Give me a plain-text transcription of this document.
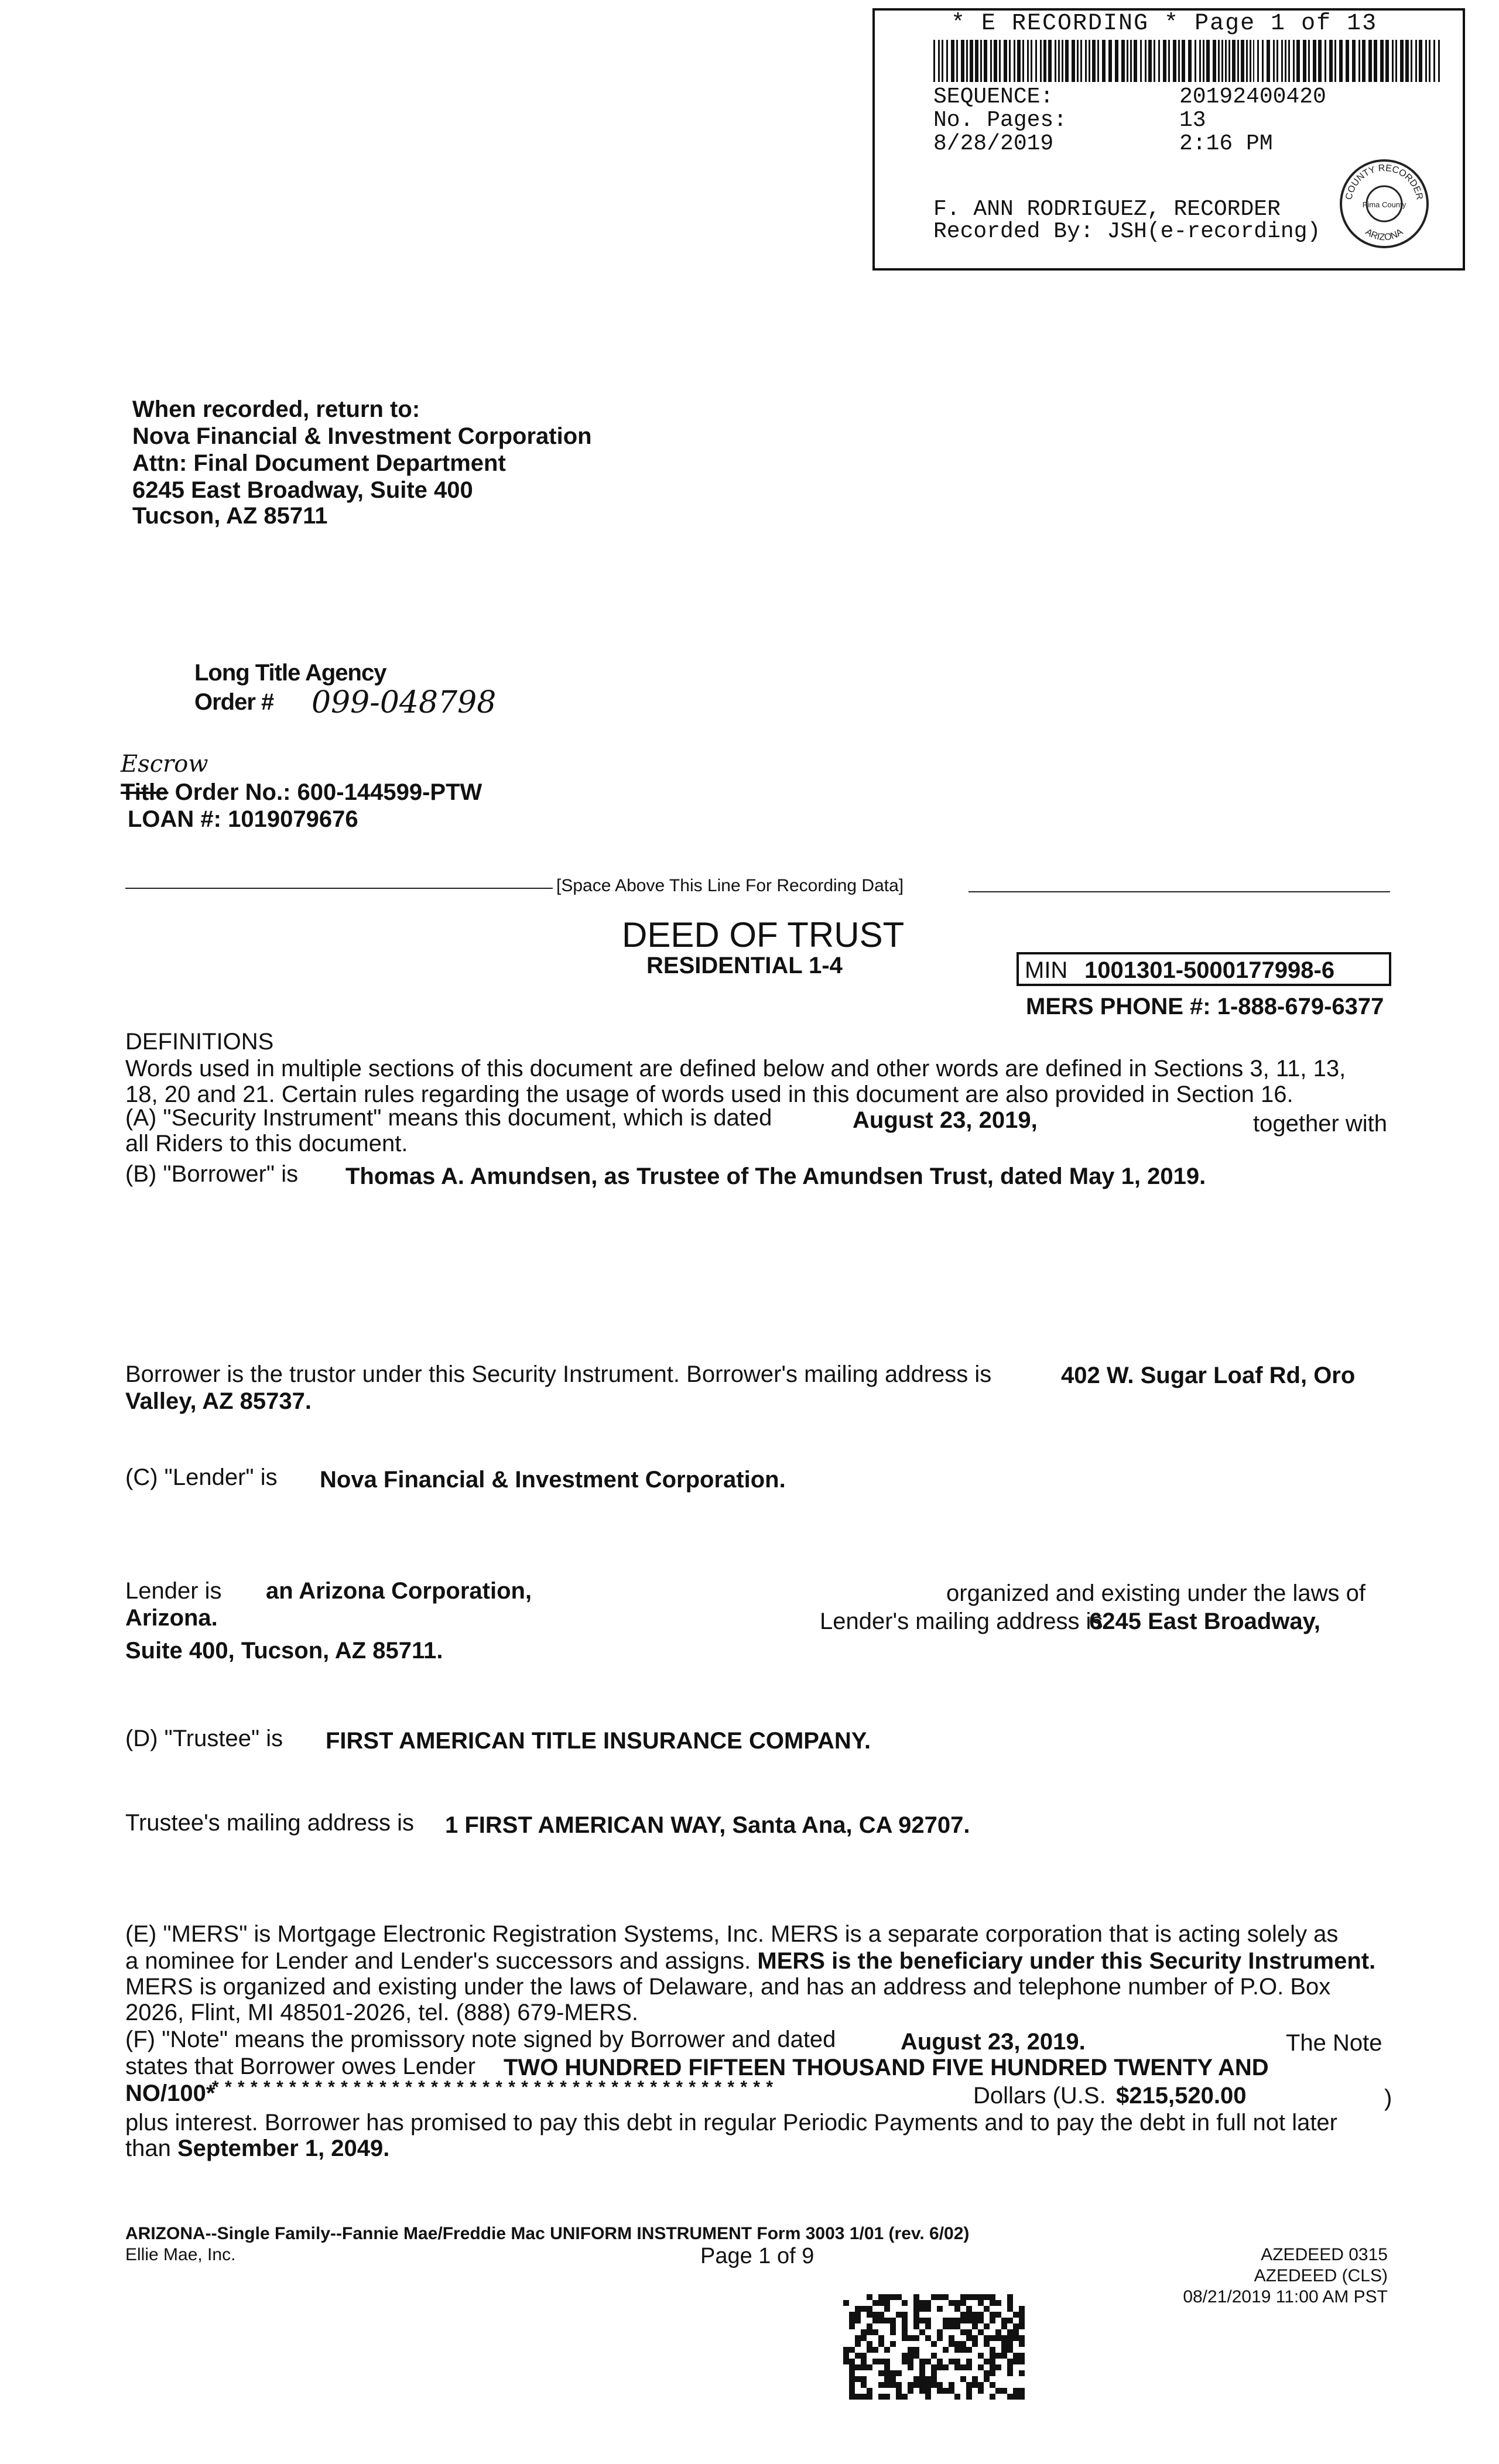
* E RECORDING * Page 1 of 13
SEQUENCE:	20192400420
No. Pages:	13
8/28/2019	2:16 PM
F. ANN RODRIGUEZ, RECORDER
Recorded By: JSH(e-recording)
COUNTY RECORDER
ARIZONA
Pima County
When recorded, return to:
Nova Financial & Investment Corporation
Attn: Final Document Department
6245 East Broadway, Suite 400
Tucson, AZ 85711
Long Title Agency
Order # 099-048798
Escrow
Title Order No.: 600-144599-PTW
LOAN #: 1019079676
[Space Above This Line For Recording Data]
DEED OF TRUST
RESIDENTIAL 1-4	MIN 1001301-5000177998-6
MERS PHONE #: 1-888-679-6377
DEFINITIONS
Words used in multiple sections of this document are defined below and other words are defined in Sections 3, 11, 13,
18, 20 and 21. Certain rules regarding the usage of words used in this document are also provided in Section 16.
(A) "Security Instrument" means this document, which is dated	August 23, 2019,	together with
all Riders to this document.
(B) "Borrower" is Thomas A. Amundsen, as Trustee of The Amundsen Trust, dated May 1, 2019.
Borrower is the trustor under this Security Instrument. Borrower's mailing address is	402 W. Sugar Loaf Rd, Oro
Valley, AZ 85737.
(C) "Lender" is Nova Financial & Investment Corporation.
Lender is an Arizona Corporation,	organized and existing under the laws of
Arizona.	Lender's mailing address is
6245 East Broadway,
Suite 400, Tucson, AZ 85711.
(D) "Trustee" is FIRST AMERICAN TITLE INSURANCE COMPANY.
Trustee's mailing address is 1 FIRST AMERICAN WAY, Santa Ana, CA 92707.
(E) "MERS" is Mortgage Electronic Registration Systems, Inc. MERS is a separate corporation that is acting solely as
a nominee for Lender and Lender's successors and assigns. MERS is the beneficiary under this Security Instrument.
MERS is organized and existing under the laws of Delaware, and has an address and telephone number of P.O. Box
2026, Flint, MI 48501-2026, tel. (888) 679-MERS.
(F) "Note" means the promissory note signed by Borrower and dated	August 23, 2019.	The Note
states that Borrower owes Lender TWO HUNDRED FIFTEEN THOUSAND FIVE HUNDRED TWENTY AND
NO/100*
* * * * * * * * * * * * * * * * * * * * * * * * * * * * * * * * * * * * * * * * * * * *	Dollars (U.S. $215,520.00	)
plus interest. Borrower has promised to pay this debt in regular Periodic Payments and to pay the debt in full not later
than September 1, 2049.
ARIZONA--Single Family--Fannie Mae/Freddie Mac UNIFORM INSTRUMENT Form 3003 1/01 (rev. 6/02)
Ellie Mae, Inc.	Page 1 of 9	AZEDEED 0315
AZEDEED (CLS)
08/21/2019 11:00 AM PST
